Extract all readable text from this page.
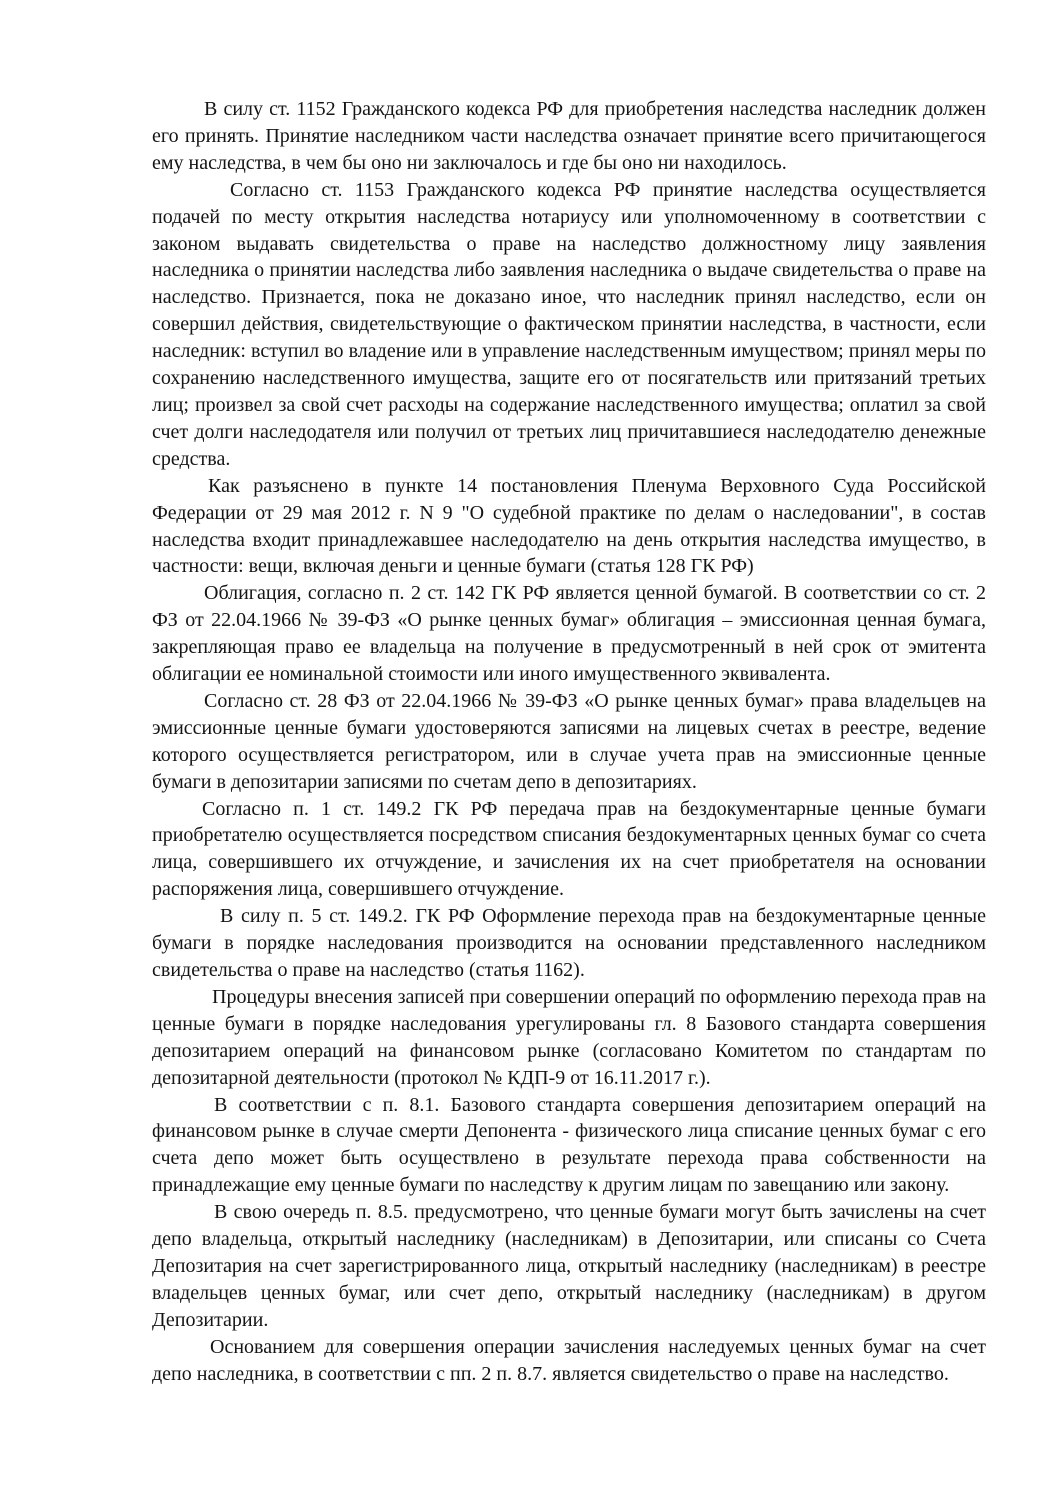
В силу ст. 1152 Гражданского кодекса РФ для приобретения наследства наследник должен его принять. Принятие наследником части наследства означает принятие всего причитающегося ему наследства, в чем бы оно ни заключалось и где бы оно ни находилось.

Согласно ст. 1153 Гражданского кодекса РФ принятие наследства осуществляется подачей по месту открытия наследства нотариусу или уполномоченному в соответствии с законом выдавать свидетельства о праве на наследство должностному лицу заявления наследника о принятии наследства либо заявления наследника о выдаче свидетельства о праве на наследство. Признается, пока не доказано иное, что наследник принял наследство, если он совершил действия, свидетельствующие о фактическом принятии наследства, в частности, если наследник: вступил во владение или в управление наследственным имуществом; принял меры по сохранению наследственного имущества, защите его от посягательств или притязаний третьих лиц; произвел за свой счет расходы на содержание наследственного имущества; оплатил за свой счет долги наследодателя или получил от третьих лиц причитавшиеся наследодателю денежные средства.

Как разъяснено в пункте 14 постановления Пленума Верховного Суда Российской Федерации от 29 мая 2012 г. N 9 "О судебной практике по делам о наследовании", в состав наследства входит принадлежавшее наследодателю на день открытия наследства имущество, в частности: вещи, включая деньги и ценные бумаги (статья 128 ГК РФ)

Облигация, согласно п. 2 ст. 142 ГК РФ является ценной бумагой. В соответствии со ст. 2 ФЗ от 22.04.1966 № 39-ФЗ «О рынке ценных бумаг» облигация – эмиссионная ценная бумага, закрепляющая право ее владельца на получение в предусмотренный в ней срок от эмитента облигации ее номинальной стоимости или иного имущественного эквивалента.

Согласно ст. 28 ФЗ от 22.04.1966 № 39-ФЗ «О рынке ценных бумаг» права владельцев на эмиссионные ценные бумаги удостоверяются записями на лицевых счетах в реестре, ведение которого осуществляется регистратором, или в случае учета прав на эмиссионные ценные бумаги в депозитарии записями по счетам депо в депозитариях.

Согласно п. 1 ст. 149.2 ГК РФ передача прав на бездокументарные ценные бумаги приобретателю осуществляется посредством списания бездокументарных ценных бумаг со счета лица, совершившего их отчуждение, и зачисления их на счет приобретателя на основании распоряжения лица, совершившего отчуждение.

В силу п. 5 ст. 149.2. ГК РФ Оформление перехода прав на бездокументарные ценные бумаги в порядке наследования производится на основании представленного наследником свидетельства о праве на наследство (статья 1162).

Процедуры внесения записей при совершении операций по оформлению перехода прав на ценные бумаги в порядке наследования урегулированы гл. 8 Базового стандарта совершения депозитарием операций на финансовом рынке (согласовано Комитетом по стандартам по депозитарной деятельности (протокол № КДП-9 от 16.11.2017 г.).

В соответствии с п. 8.1. Базового стандарта совершения депозитарием операций на финансовом рынке в случае смерти Депонента - физического лица списание ценных бумаг с его счета депо может быть осуществлено в результате перехода права собственности на принадлежащие ему ценные бумаги по наследству к другим лицам по завещанию или закону.

В свою очередь п. 8.5. предусмотрено, что ценные бумаги могут быть зачислены на счет депо владельца, открытый наследнику (наследникам) в Депозитарии, или списаны со Счета Депозитария на счет зарегистрированного лица, открытый наследнику (наследникам) в реестре владельцев ценных бумаг, или счет депо, открытый наследнику (наследникам) в другом Депозитарии.

Основанием для совершения операции зачисления наследуемых ценных бумаг на счет депо наследника, в соответствии с пп. 2 п. 8.7. является свидетельство о праве на наследство.
